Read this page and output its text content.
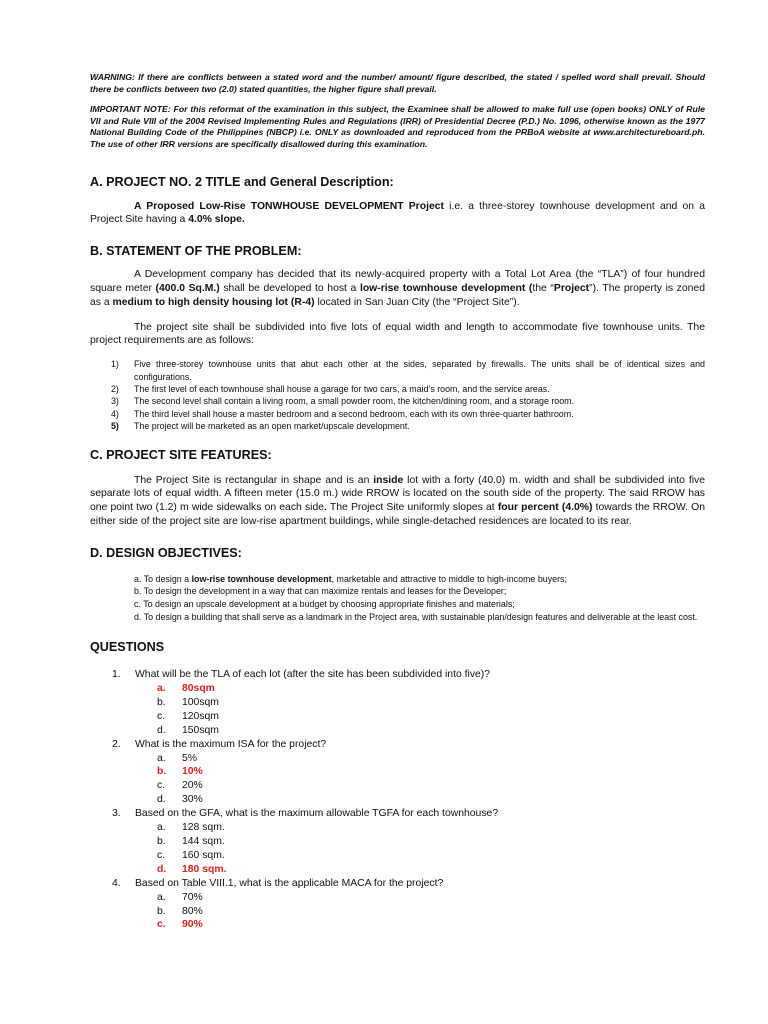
WARNING: If there are conflicts between a stated word and the number/ amount/ figure described, the stated / spelled word shall prevail. Should there be conflicts between two (2.0) stated quantities, the higher figure shall prevail.
IMPORTANT NOTE: For this reformat of the examination in this subject, the Examinee shall be allowed to make full use (open books) ONLY of Rule VII and Rule VIII of the 2004 Revised Implementing Rules and Regulations (IRR) of Presidential Decree (P.D.) No. 1096, otherwise known as the 1977 National Building Code of the Philippines (NBCP) i.e. ONLY as downloaded and reproduced from the PRBoA website at www.architectureboard.ph. The use of other IRR versions are specifically disallowed during this examination.
A. PROJECT NO. 2 TITLE and General Description:

A Proposed Low-Rise TONWHOUSE DEVELOPMENT Project i.e. a three-storey townhouse development and on a Project Site having a 4.0% slope.

B. STATEMENT OF THE PROBLEM:

A Development company has decided that its newly-acquired property with a Total Lot Area (the “TLA”) of four hundred square meter (400.0 Sq.M.) shall be developed to host a low-rise townhouse development (the “Project”). The property is zoned as a medium to high density housing lot (R-4) located in San Juan City (the “Project Site”).

The project site shall be subdivided into five lots of equal width and length to accommodate five townhouse units. The project requirements are as follows:

1)	Five three-storey townhouse units that abut each other at the sides, separated by firewalls. The units shall be of identical sizes and configurations.
2)	The first level of each townhouse shall house a garage for two cars, a maid’s room, and the service areas.
3)	The second level shall contain a living room, a small powder room, the kitchen/dining room, and a storage room.
4)	The third level shall house a master bedroom and a second bedroom, each with its own three-quarter bathroom.
5)	The project will be marketed as an open market/upscale development.
C. PROJECT SITE FEATURES:

The Project Site is rectangular in shape and is an inside lot with a forty (40.0) m. width and shall be subdivided into five separate lots of equal width. A fifteen meter (15.0 m.) wide RROW is located on the south side of the property. The said RROW has one point two (1.2) m wide sidewalks on each side. The Project Site uniformly slopes at four percent (4.0%) towards the RROW. On either side of the project site are low-rise apartment buildings, while single-detached residences are located to its rear.

D. DESIGN OBJECTIVES:
a. To design a low-rise townhouse development, marketable and attractive to middle to high-income buyers;
b. To design the development in a way that can maximize rentals and leases for the Developer;
c. To design an upscale development at a budget by choosing appropriate finishes and materials;
d. To design a building that shall serve as a landmark in the Project area, with sustainable plan/design features and deliverable at the least cost.
QUESTIONS
1.	What will be the TLA of each lot (after the site has been subdivided into five)?
a.	80sqm
b.	100sqm
c.	120sqm
d.	150sqm
2.	What is the maximum ISA for the project?
a.	5%
b.	10%
c.	20%
d.	30%
3.	Based on the GFA, what is the maximum allowable TGFA for each townhouse?
a.	128 sqm.
b.	144 sqm.
c.	160 sqm.
d.	180 sqm.
4.	Based on Table VIII.1, what is the applicable MACA for the project?
a.	70%
b.	80%
c.	90%
